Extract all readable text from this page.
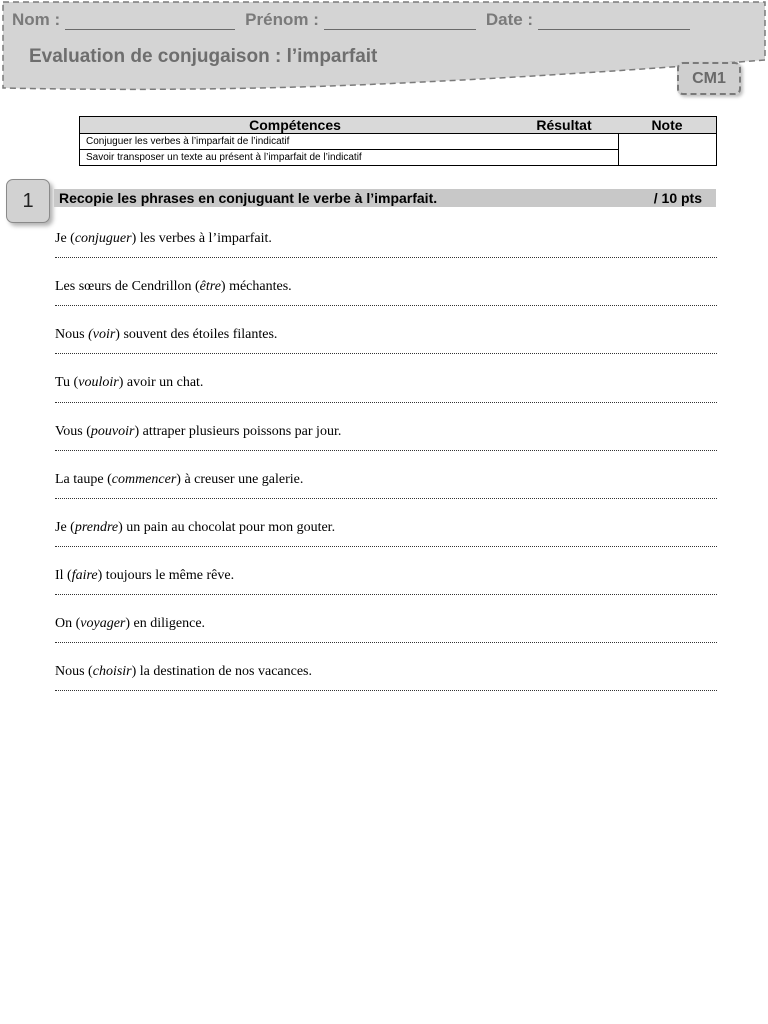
Nom :	Prénom :	Date :
Evaluation de conjugaison : l’imparfait
CM1
Compétences	Résultat	Note
Conjuguer les verbes à l’imparfait de l’indicatif		
Savoir transposer un texte au présent à l’imparfait de l’indicatif		
1	Recopie les phrases en conjuguant le verbe à l’imparfait.	/ 10 pts
Je (conjuguer) les verbes à l’imparfait.
Les sœurs de Cendrillon (être) méchantes.
Nous (voir) souvent des étoiles filantes.
Tu (vouloir) avoir un chat.
Vous (pouvoir) attraper plusieurs poissons par jour.
La taupe (commencer) à creuser une galerie.
Je (prendre) un pain au chocolat pour mon gouter.
Il (faire) toujours le même rêve.
On (voyager) en diligence.
Nous (choisir) la destination de nos vacances.
